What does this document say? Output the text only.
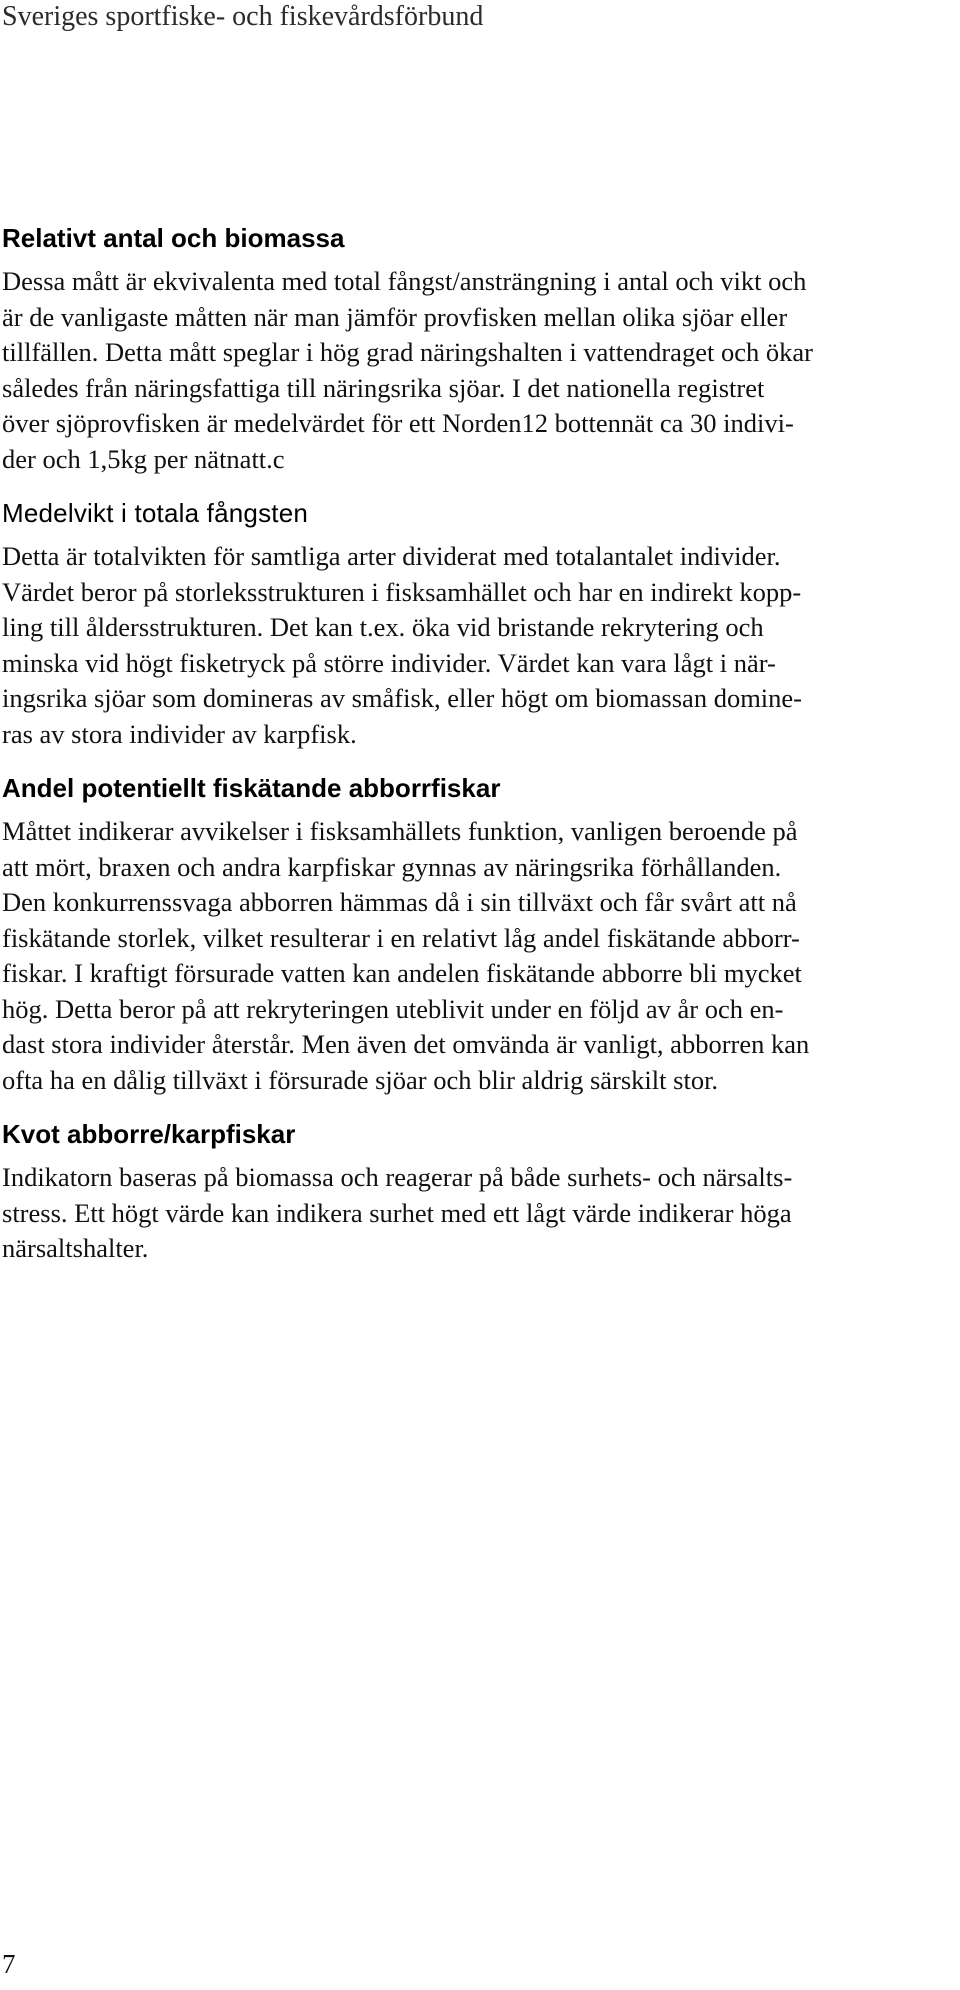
Sveriges sportfiske- och fiskevårdsförbund
Relativt antal och biomassa
Dessa mått är ekvivalenta med total fångst/ansträngning i antal och vikt och
är de vanligaste måtten när man jämför provfisken mellan olika sjöar eller
tillfällen. Detta mått speglar i hög grad näringshalten i vattendraget och ökar
således från näringsfattiga till näringsrika sjöar. I det nationella registret
över sjöprovfisken är medelvärdet för ett Norden12 bottennät ca 30 indivi-
der och 1,5kg per nätnatt.c
Medelvikt i totala fångsten
Detta är totalvikten för samtliga arter dividerat med totalantalet individer.
Värdet beror på storleksstrukturen i fisksamhället och har en indirekt kopp-
ling till åldersstrukturen. Det kan t.ex. öka vid bristande rekrytering och
minska vid högt fisketryck på större individer. Värdet kan vara lågt i när-
ingsrika sjöar som domineras av småfisk, eller högt om biomassan domine-
ras av stora individer av karpfisk.
Andel potentiellt fiskätande abborrfiskar
Måttet indikerar avvikelser i fisksamhällets funktion, vanligen beroende på
att mört, braxen och andra karpfiskar gynnas av näringsrika förhållanden.
Den konkurrenssvaga abborren hämmas då i sin tillväxt och får svårt att nå
fiskätande storlek, vilket resulterar i en relativt låg andel fiskätande abborr-
fiskar. I kraftigt försurade vatten kan andelen fiskätande abborre bli mycket
hög. Detta beror på att rekryteringen uteblivit under en följd av år och en-
dast stora individer återstår. Men även det omvända är vanligt, abborren kan
ofta ha en dålig tillväxt i försurade sjöar och blir aldrig särskilt stor.
Kvot abborre/karpfiskar
Indikatorn baseras på biomassa och reagerar på både surhets- och närsalts-
stress. Ett högt värde kan indikera surhet med ett lågt värde indikerar höga
närsaltshalter.
7
